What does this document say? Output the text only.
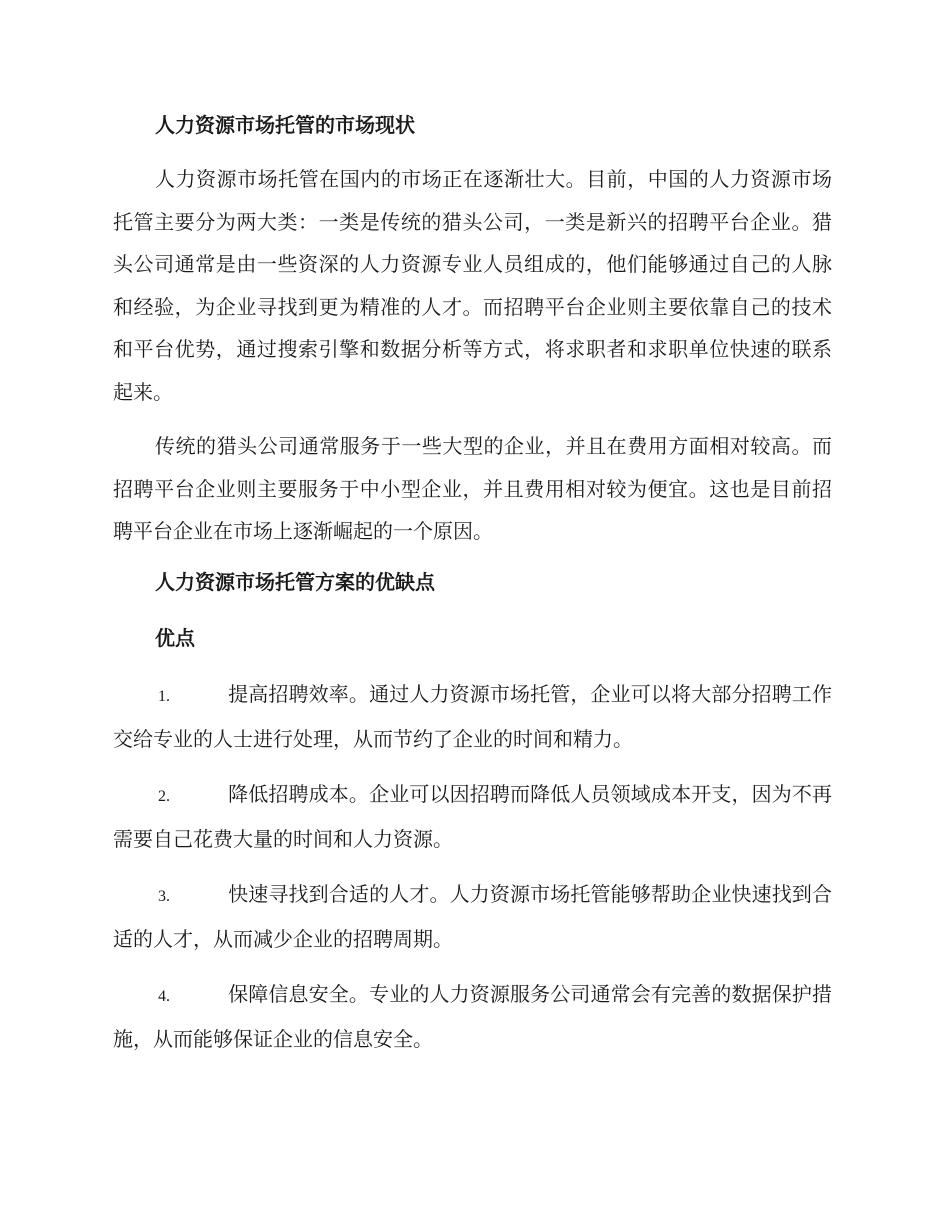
人力资源市场托管的市场现状

人力资源市场托管在国内的市场正在逐渐壮大。目前，中国的人力资源市场托管主要分为两大类：一类是传统的猎头公司，一类是新兴的招聘平台企业。猎头公司通常是由一些资深的人力资源专业人员组成的，他们能够通过自己的人脉和经验，为企业寻找到更为精准的人才。而招聘平台企业则主要依靠自己的技术和平台优势，通过搜索引擎和数据分析等方式，将求职者和求职单位快速的联系起来。

传统的猎头公司通常服务于一些大型的企业，并且在费用方面相对较高。而招聘平台企业则主要服务于中小型企业，并且费用相对较为便宜。这也是目前招聘平台企业在市场上逐渐崛起的一个原因。

人力资源市场托管方案的优缺点
优点

1.	提高招聘效率。通过人力资源市场托管，企业可以将大部分招聘工作交给专业的人士进行处理，从而节约了企业的时间和精力。

2.	降低招聘成本。企业可以因招聘而降低人员领域成本开支，因为不再需要自己花费大量的时间和人力资源。

3.	快速寻找到合适的人才。人力资源市场托管能够帮助企业快速找到合适的人才，从而减少企业的招聘周期。

4.	保障信息安全。专业的人力资源服务公司通常会有完善的数据保护措施，从而能够保证企业的信息安全。
